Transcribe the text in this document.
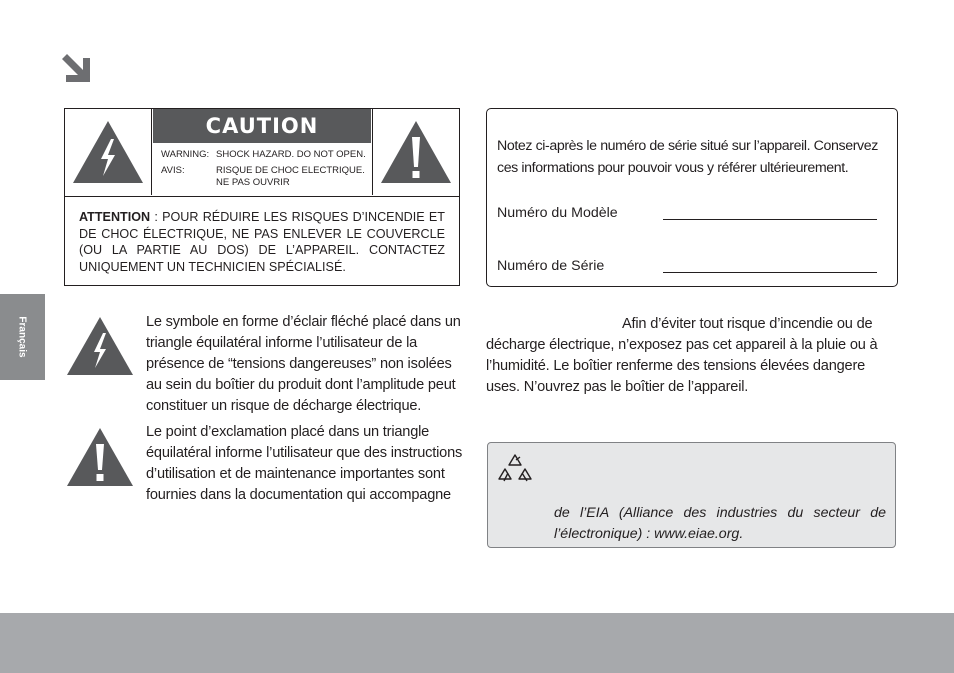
CAUTION
WARNING: SHOCK HAZARD. DO NOT OPEN.
AVIS:	RISQUE DE CHOC ELECTRIQUE. NE PAS OUVRIR
ATTENTION : POUR RÉDUIRE LES RISQUES D’INCENDIE ET DE CHOC ÉLECTRIQUE, NE PAS ENLEVER LE COUVERCLE (OU LA PARTIE AU DOS) DE L’APPAREIL. CONTACTEZ UNIQUEMENT UN TECHNICIEN SPÉCIALISÉ.
Français	Le symbole en forme d’éclair fléché placé dans un triangle équilatéral informe l’utilisateur de la présence de “tensions dangereuses” non isolées au sein du boîtier du produit dont l’amplitude peut constituer un risque de décharge électrique.
Le point d’exclamation placé dans un triangle équilatéral informe l’utilisateur que des instructions d’utilisation et de maintenance importantes sont fournies dans la documentation qui accompagne
Notez ci-après le numéro de série situé sur l’appareil. Conservez ces informations pour pouvoir vous y référer ultérieurement.
Numéro du Modèle
Numéro de Série
Afin d’éviter tout risque d’incendie ou de décharge électrique, n’exposez pas cet appareil à la pluie ou à l’humidité. Le boîtier renferme des tensions élevées dangere uses. N’ouvrez pas le boîtier de l’appareil.
de l’EIA (Alliance des industries du secteur de l’électronique) : www.eiae.org.
